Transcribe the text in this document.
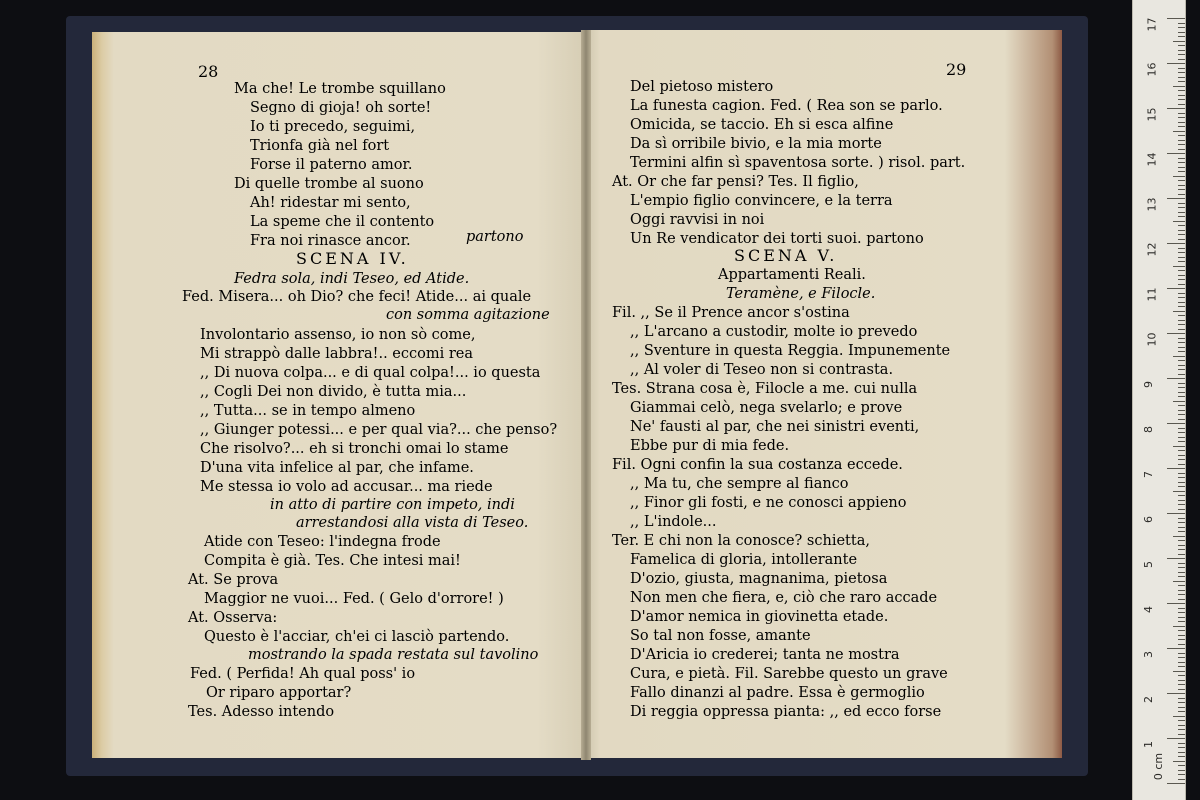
28
Ma che! Le trombe squillano
Segno di gioja! oh sorte!
Io ti precedo, seguimi,
Trionfa già nel fort
Forse il paterno amor.
Di quelle trombe al suono
Ah! ridestar mi sento,
La speme che il contento
Fra noi rinasce ancor.	partono
SCENA IV.
Fedra sola, indi Teseo, ed Atide.
Fed. Misera... oh Dio? che feci! Atide... ai quale
con somma agitazione
Involontario assenso, io non sò come,
Mi strappò dalle labbra!.. eccomi rea
,, Di nuova colpa... e di qual colpa!... io questa
,, Cogli Dei non divido, è tutta mia...
,, Tutta... se in tempo almeno
,, Giunger potessi... e per qual via?... che penso?
Che risolvo?... eh si tronchi omai lo stame
D'una vita infelice al par, che infame.
Me stessa io volo ad accusar... ma riede
in atto di partire con impeto, indi
arrestandosi alla vista di Teseo.
Atide con Teseo: l'indegna frode
Compita è già. Tes. Che intesi mai!
At. Se prova
Maggior ne vuoi... Fed. ( Gelo d'orrore! )
At. Osserva:
Questo è l'acciar, ch'ei ci lasciò partendo.
mostrando la spada restata sul tavolino
Fed. ( Perfida! Ah qual poss' io
Or riparo apportar?
Tes. Adesso intendo
29
Del pietoso mistero
La funesta cagion. Fed. ( Rea son se parlo.
Omicida, se taccio. Eh si esca alfine
Da sì orribile bivio, e la mia morte
Termini alfin sì spaventosa sorte. ) risol. part.
At. Or che far pensi? Tes. Il figlio,
L'empio figlio convincere, e la terra
Oggi ravvisi in noi
Un Re vendicator dei torti suoi. partono
SCENA V.
Appartamenti Reali.
Teramène, e Filocle.
Fil. ,, Se il Prence ancor s'ostina
,, L'arcano a custodir, molte io prevedo
,, Sventure in questa Reggia. Impunemente
,, Al voler di Teseo non si contrasta.
Tes. Strana cosa è, Filocle a me. cui nulla
Giammai celò, nega svelarlo; e prove
Ne' fausti al par, che nei sinistri eventi,
Ebbe pur di mia fede.
Fil. Ogni confin la sua costanza eccede.
,, Ma tu, che sempre al fianco
,, Finor gli fosti, e ne conosci appieno
,, L'indole...
Ter. E chi non la conosce? schietta,
Famelica di gloria, intollerante
D'ozio, giusta, magnanima, pietosa
Non men che fiera, e, ciò che raro accade
D'amor nemica in giovinetta etade.
So tal non fosse, amante
D'Aricia io crederei; tanta ne mostra
Cura, e pietà. Fil. Sarebbe questo un grave
Fallo dinanzi al padre. Essa è germoglio
Di reggia oppressa pianta: ,, ed ecco forse
17
16
15
14
13
12
11
10
9
8
7
6
5
4
3
2
1
0 cm
